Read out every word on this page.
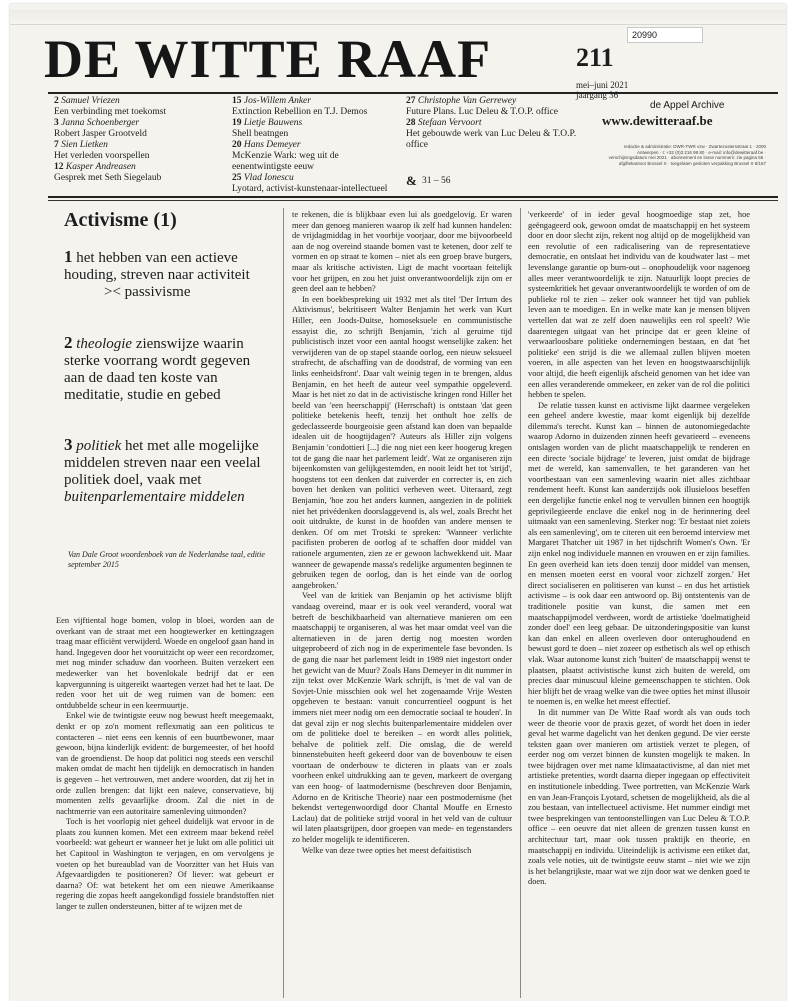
20990
DE WITTE RAAF	211
mei–juni 2021
jaargang 36
de Appel Archive
www.dewitteraaf.be
2 Samuel Vriezen
Een verbinding met toekomst
3 Janna Schoenberger
Robert Jasper Grootveld
7 Sien Lietken
Het verleden voorspellen
12 Kasper Andreasen
Gesprek met Seth Siegelaub
15 Jos-Willem Anker
Extinction Rebellion en T.J. Demos
19 Lietje Bauwens
Shell beatngen
20 Hans Demeyer
McKenzie Wark: weg uit de eenentwintigste eeuw
25 Vlad Ionescu
Lyotard, activist-kunstenaar-intellectueel
27 Christophe Van Gerrewey
Future Plans. Luc Deleu & T.O.P. office
28 Stefaan Vervoort
Het gebouwde werk van Luc Deleu & T.O.P. office
& 31 – 56
redactie & administratie: DWR-TWR vzw · Zwartezustersstraat 1 · 2000 Antwerpen · t: +32 (0)3 216 98 80 · e-mail: info@dewitteraaf.be · verschijningsdatum mei 2021 · abonnement en losse nummers: zie pagina 56 · afgiftekantoor Brussel X · toegelaten gesloten verpakking Brussel X 8/167
Activisme (1)
1 het hebben van een actieve houding, streven naar activiteit
>< passivisme
2 theologie zienswijze waarin sterke voorrang wordt gegeven aan de daad ten koste van meditatie, studie en gebed
3 politiek het met alle mogelijke middelen streven naar een veelal politiek doel, vaak met buitenparlementaire middelen
Van Dale Groot woordenboek van de Nederlandse taal, editie september 2015

Een vijftiental hoge bomen, volop in bloei, worden aan de overkant van de straat met een hoogtewerker en kettingzagen traag maar efficiënt verwijderd. Woede en ongeloof gaan hand in hand. Ingegeven door het vooruitzicht op weer een recordzomer, met nog minder schaduw dan voorheen. Buiten verzekert een medewerker van het bovenlokale bedrijf dat er een kapvergunning is uitgereikt waartegen verzet had het te laat. De reden voor het uit de weg ruimen van de bomen: een ontdubbelde scheur in een keermuurtje.

Enkel wie de twintigste eeuw nog bewust heeft meegemaakt, denkt er op zo'n moment reflexmatig aan een politicus te contacteren – niet eens een kennis of een buurtbewoner, maar gewoon, bijna kinderlijk evident: de burgemeester, of het hoofd van de groendienst. De hoop dat politici nog steeds een verschil maken omdat de macht hen tijdelijk en democratisch in handen is gegeven – het vertrouwen, met andere woorden, dat zij het in orde zullen brengen: dat lijkt een naïeve, conservatieve, bij momenten zelfs gevaarlijke droom. Zal die niet in de nachtmerrie van een autoritaire samenleving uitmonden?

Toch is het voorlopig niet geheel duidelijk wat ervoor in de plaats zou kunnen komen. Met een extreem maar bekend reëel voorbeeld: wat gebeurt er wanneer het je lukt om alle politici uit het Capitool in Washington te verjagen, en om vervolgens je voeten op het bureaublad van de Voorzitter van het Huis van Afgevaardigden te positioneren? Of liever: wat gebeurt er daarna? Of: wat betekent het om een nieuwe Amerikaanse regering die zopas heeft aangekondigd fossiele brandstoffen niet langer te zullen ondersteunen, bitter af te wijzen met de

te rekenen, die is blijkbaar even lui als goedgelovig. Er waren meer dan genoeg manieren waarop ik zelf had kunnen handelen: de vrijdagmiddag in het voorbije voorjaar, door me bijvoorbeeld aan de nog overeind staande bomen vast te ketenen, door zelf te vormen en op straat te komen – niet als een groep brave burgers, maar als kritische activisten. Ligt de macht voortaan feitelijk voor het grijpen, en zou het juist onverantwoordelijk zijn om er geen deel aan te hebben?

In een boekbespreking uit 1932 met als titel 'Der Irrtum des Aktivismus', bekritiseert Walter Benjamin het werk van Kurt Hiller, een Joods-Duitse, homoseksuele en communistische essayist die, zo schrijft Benjamin, 'zich al geruime tijd publicistisch inzet voor een aantal hoogst wenselijke zaken: het verwijderen van de op stapel staande oorlog, een nieuw seksueel strafrecht, de afschaffing van de doodstraf, de vorming van een links eenheidsfront'. Daar valt weinig tegen in te brengen, aldus Benjamin, en het heeft de auteur veel sympathie opgeleverd. Maar is het niet zo dat in de activistische kringen rond Hiller het beeld van 'een heerschappij' (Herrschaft) is ontstaan 'dat geen politieke betekenis heeft, tenzij het onthult hoe zelfs de gedeclasseerde bourgeoisie geen afstand kan doen van bepaalde idealen uit de hoogtijdagen'? Auteurs als Hiller zijn volgens Benjamin 'condottieri [...] die nog niet een keer hoogerug kregen tot de gang die naar het parlement leidt'. Wat ze organiseren zijn bijeenkomsten van gelijkgestemden, en nooit leidt het tot 'strijd', hoogstens tot een denken dat zuiverder en correcter is, en zich boven het denken van politici verheven weet. Uiteraard, zegt Benjamin, 'hoe zou het anders kunnen, aangezien in de politiek niet het privédenken doorslaggevend is, als wel, zoals Brecht het ooit uitdrukte, de kunst in de hoofden van andere mensen te denken. Of om met Trotski te spreken: 'Wanneer verlichte pacifisten proberen de oorlog af te schaffen door middel van rationele argumenten, zien ze er gewoon lachwekkend uit. Maar wanneer de gewapende massa's redelijke argumenten beginnen te gebruiken tegen de oorlog, dan is het einde van de oorlog aangebroken.'

Veel van de kritiek van Benjamin op het activisme blijft vandaag overeind, maar er is ook veel veranderd, vooral wat betreft de beschikbaarheid van alternatieve manieren om een maatschappij te organiseren, al was het maar omdat veel van die alternatieven in de jaren dertig nog moesten worden uitgeprobeerd of zich nog in de experimentele fase bevonden. Is de gang die naar het parlement leidt in 1989 niet ingestort onder het gewicht van de Muur? Zoals Hans Demeyer in dit nummer in zijn tekst over McKenzie Wark schrijft, is 'met de val van de Sovjet-Unie misschien ook wel het zogenaamde Vrije Westen opgeheven te bestaan: vanuit concurrentieel oogpunt is het immers niet meer nodig om een democratie sociaal te houden'. In dat geval zijn er nog slechts buitenparlementaire middelen over om de politieke doel te bereiken – en wordt alles politiek, behalve de politiek zelf. Die omslag, die de wereld binnenstebuiten heeft gekeerd door van de bovenbouw te eisen voortaan de onderbouw te dicteren in plaats van er zoals voorheen enkel uitdrukking aan te geven, markeert de overgang van een hoog- of laatmodernisme (beschreven door Benjamin, Adorno en de Kritische Theorie) naar een postmodernisme (het bekendst vertegenwoordigd door Chantal Mouffe en Ernesto Laclau) dat de politieke strijd vooral in het veld van de cultuur wil laten plaatsgrijpen, door groepen van mede- en tegenstanders zo helder mogelijk te identificeren.

Welke van deze twee opties het meest defaitistisch

'verkeerde' of in ieder geval hoogmoedige stap zet, hoe geëngageerd ook, gewoon omdat de maatschappij en het systeem door en door slecht zijn, rekent nog altijd op de mogelijkheid van een revolutie of een radicalisering van de representatieve democratie, en ontslaat het individu van de koudwater last – met levenslange garantie op burn-out – onophoudelijk voor nagenoeg alles meer verantwoordelijk te zijn. Natuurlijk loopt precies de systeemkritiek het gevaar onverantwoordelijk te worden of om de publieke rol te zien – zeker ook wanneer het tijd van publiek leven aan te moedigen. En in welke mate kan je mensen blijven vertellen dat wat ze zelf doen nauwelijks een rol speelt? Wie daarentegen uitgaat van het principe dat er geen kleine of verwaarloosbare politieke ondernemingen bestaan, en dat 'het politieke' een strijd is die we allemaal zullen blijven moeten voeren, in alle aspecten van het leven en hoogstwaarschijnlijk voor altijd, die heeft eigenlijk afscheid genomen van het idee van een alles veranderende ommekeer, en zeker van de rol die politici hebben te spelen.

De relatie tussen kunst en activisme lijkt daarmee vergeleken een geheel andere kwestie, maar komt eigenlijk bij dezelfde dilemma's terecht. Kunst kan – binnen de autonomiegedachte waarop Adorno in duizenden zinnen heeft gevarieerd – eveneens ontslagen worden van de plicht maatschappelijk te renderen en een directe 'sociale bijdrage' te leveren, juist omdat de bijdrage met de wereld, kan samenvallen, te het garanderen van het voortbestaan van een samenleving waarin niet alles zichtbaar rendement heeft. Kunst kan aanderzijds ook illusieloos beseffen een dergelijke functie enkel nog te vervullen binnen een hoogtijk geprivilegieerde enclave die enkel nog in de herinnering deel uitmaakt van een samenleving. Sterker nog: 'Er bestaat niet zoiets als een samenleving', om te citeren uit een beroemd interview met Margaret Thatcher uit 1987 in het tijdschrift Women's Own. 'Er zijn enkel nog individuele mannen en vrouwen en er zijn families. En geen overheid kan iets doen tenzij door middel van mensen, en mensen moeten eerst en vooral voor zichzelf zorgen.' Het direct socialiseren en politiseren van kunst – en dus het artistiek activisme – is ook daar een antwoord op. Bij ontstentenis van de traditionele positie van kunst, die samen met een maatschappijmodel verdween, wordt de artistieke 'doelmatigheid zonder doel' een leeg gebaar. De uitzonderingspositie van kunst kan dan enkel en alleen overleven door onterughoudend en bewust gord te doen – niet zozeer op esthetisch als wel op ethisch vlak. Waar autonome kunst zich 'buiten' de maatschappij wenst te plaatsen, plaatst activistische kunst zich buiten de wereld, om precies daar minuscuul kleine gemeenschappen te stichten. Ook hier blijft het de vraag welke van die twee opties het minst illusoir te noemen is, en welke het meest effectief.

In dit nummer van De Witte Raaf wordt als van ouds toch weer de theorie voor de praxis gezet, of wordt het doen in ieder geval het warme dagelicht van het denken gegund. De vier eerste teksten gaan over manieren om artistiek verzet te plegen, of eerder nog om verzet binnen de kunsten mogelijk te maken. In twee bijdragen over met name klimaatactivisme, al dan niet met artistieke pretenties, wordt daarna dieper ingegaan op effectiviteit en institutionele inbedding. Twee portretten, van McKenzie Wark en van Jean-François Lyotard, schetsen de mogelijkheid, als die al zou bestaan, van intellectueel activisme. Het nummer eindigt met twee besprekingen van tentoonstellingen van Luc Deleu & T.O.P. office – een oeuvre dat niet alleen de grenzen tussen kunst en architectuur tart, maar ook tussen praktijk en theorie, en maatschappij en individu. Uiteindelijk is activisme een etiket dat, zoals vele noties, uit de twintigste eeuw stamt – niet wie we zijn is het belangrijkste, maar wat we zijn door wat we denken goed te doen.
